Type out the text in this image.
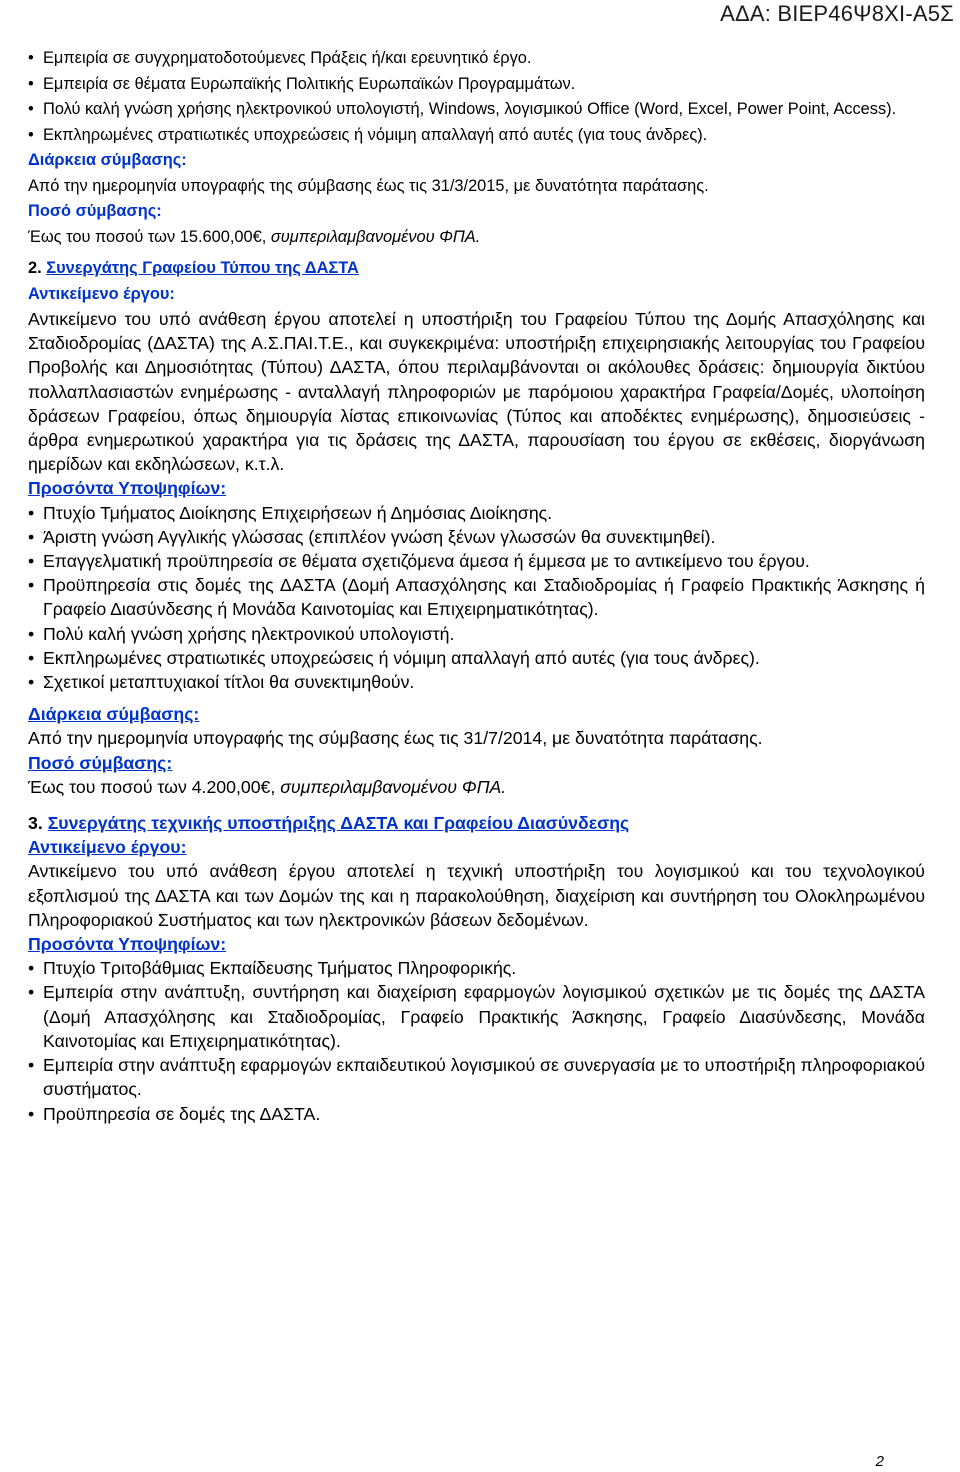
ΑΔΑ: ΒΙΕΡ46Ψ8ΧΙ-Α5Σ
• Εμπειρία σε συγχρηματοδοτούμενες Πράξεις ή/και ερευνητικό έργο.
• Εμπειρία σε θέματα Ευρωπαϊκής Πολιτικής Ευρωπαϊκών Προγραμμάτων.
• Πολύ καλή γνώση χρήσης ηλεκτρονικού υπολογιστή, Windows, λογισμικού Office (Word, Excel, Power Point, Access).
• Εκπληρωμένες στρατιωτικές υποχρεώσεις ή νόμιμη απαλλαγή από αυτές (για τους άνδρες).
Διάρκεια σύμβασης:
Από την ημερομηνία υπογραφής της σύμβασης έως τις 31/3/2015, με δυνατότητα παράτασης.
Ποσό σύμβασης:
Έως του ποσού των 15.600,00€, συμπεριλαμβανομένου ΦΠΑ.
2. Συνεργάτης Γραφείου Τύπου της ΔΑΣΤΑ
Αντικείμενο έργου:
Αντικείμενο του υπό ανάθεση έργου αποτελεί η υποστήριξη του Γραφείου Τύπου της Δομής Απασχόλησης και Σταδιοδρομίας (ΔΑΣΤΑ) της Α.Σ.ΠΑΙ.Τ.Ε., και συγκεκριμένα: υποστήριξη επιχειρησιακής λειτουργίας του Γραφείου Προβολής και Δημοσιότητας (Τύπου) ΔΑΣΤΑ, όπου περιλαμβάνονται οι ακόλουθες δράσεις: δημιουργία δικτύου πολλαπλασιαστών ενημέρωσης - ανταλλαγή πληροφοριών με παρόμοιου χαρακτήρα Γραφεία/Δομές, υλοποίηση δράσεων Γραφείου, όπως δημιουργία λίστας επικοινωνίας (Τύπος και αποδέκτες ενημέρωσης), δημοσιεύσεις - άρθρα ενημερωτικού χαρακτήρα για τις δράσεις της ΔΑΣΤΑ, παρουσίαση του έργου σε εκθέσεις, διοργάνωση ημερίδων και εκδηλώσεων, κ.τ.λ.
Προσόντα Υποψηφίων:
• Πτυχίο Τμήματος Διοίκησης Επιχειρήσεων ή Δημόσιας Διοίκησης.
• Άριστη γνώση Αγγλικής γλώσσας (επιπλέον γνώση ξένων γλωσσών θα συνεκτιμηθεί).
• Επαγγελματική προϋπηρεσία σε θέματα σχετιζόμενα άμεσα ή έμμεσα με το αντικείμενο του έργου.
• Προϋπηρεσία στις δομές της ΔΑΣΤΑ (Δομή Απασχόλησης και Σταδιοδρομίας ή Γραφείο Πρακτικής Άσκησης ή Γραφείο Διασύνδεσης ή Μονάδα Καινοτομίας και Επιχειρηματικότητας).
• Πολύ καλή γνώση χρήσης ηλεκτρονικού υπολογιστή.
• Εκπληρωμένες στρατιωτικές υποχρεώσεις ή νόμιμη απαλλαγή από αυτές (για τους άνδρες).
• Σχετικοί μεταπτυχιακοί τίτλοι θα συνεκτιμηθούν.
Διάρκεια σύμβασης:
Από την ημερομηνία υπογραφής της σύμβασης έως τις 31/7/2014, με δυνατότητα παράτασης.
Ποσό σύμβασης:
Έως του ποσού των 4.200,00€, συμπεριλαμβανομένου ΦΠΑ.
3. Συνεργάτης τεχνικής υποστήριξης ΔΑΣΤΑ και Γραφείου Διασύνδεσης
Αντικείμενο έργου:
Αντικείμενο του υπό ανάθεση έργου αποτελεί η τεχνική υποστήριξη του λογισμικού και του τεχνολογικού εξοπλισμού της ΔΑΣΤΑ και των Δομών της και η παρακολούθηση, διαχείριση και συντήρηση του Ολοκληρωμένου Πληροφοριακού Συστήματος και των ηλεκτρονικών βάσεων δεδομένων.
Προσόντα Υποψηφίων:
• Πτυχίο Τριτοβάθμιας Εκπαίδευσης Τμήματος Πληροφορικής.
• Εμπειρία στην ανάπτυξη, συντήρηση και διαχείριση εφαρμογών λογισμικού σχετικών με τις δομές της ΔΑΣΤΑ (Δομή Απασχόλησης και Σταδιοδρομίας, Γραφείο Πρακτικής Άσκησης, Γραφείο Διασύνδεσης, Μονάδα Καινοτομίας και Επιχειρηματικότητας).
• Εμπειρία στην ανάπτυξη εφαρμογών εκπαιδευτικού λογισμικού σε συνεργασία με το υποστήριξη πληροφοριακού συστήματος.
• Προϋπηρεσία σε δομές της ΔΑΣΤΑ.
2
